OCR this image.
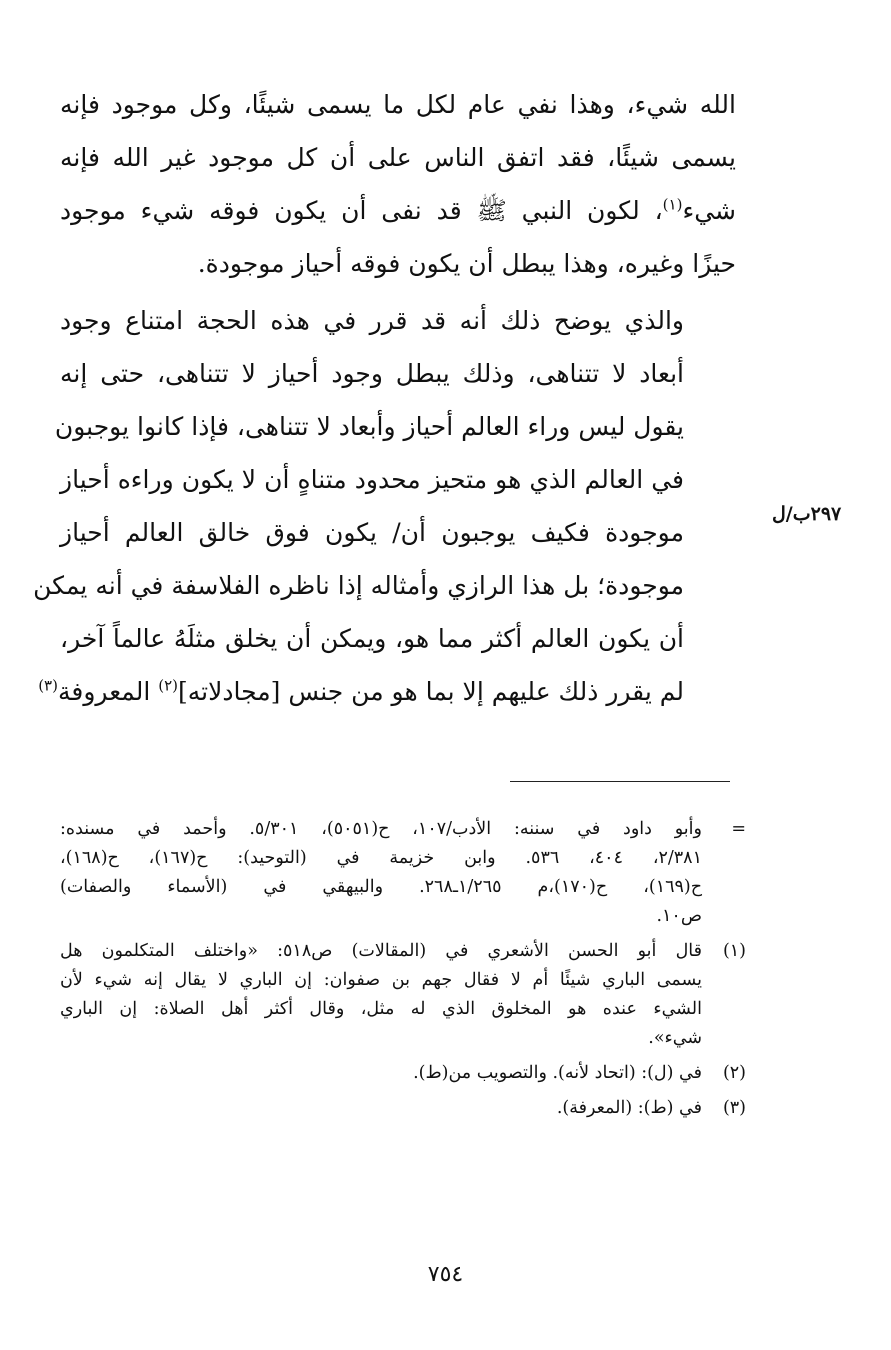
الله شيء، وهذا نفي عام لكل ما يسمى شيئًا، وكل موجود فإنه
يسمى شيئًا، فقد اتفق الناس على أن كل موجود غير الله فإنه
شيء$^{(١)}$، لكون النبي ﷺ قد نفى أن يكون فوقه شيء موجود
حيزًا وغيره، وهذا يبطل أن يكون فوقه أحياز موجودة.

والذي يوضح ذلك أنه قد قرر في هذه الحجة امتناع وجود
أبعاد لا تتناهى، وذلك يبطل وجود أحياز لا تتناهى، حتى إنه
يقول ليس وراء العالم أحياز وأبعاد لا تتناهى، فإذا كانوا يوجبون
في العالم الذي هو متحيز محدود متناهٍ أن لا يكون وراءه أحياز
موجودة فكيف يوجبون أن/ يكون فوق خالق العالم أحياز
موجودة؛ بل هذا الرازي وأمثاله إذا ناظره الفلاسفة في أنه يمكن
أن يكون العالم أكثر مما هو، ويمكن أن يخلق مثلَهُ عالماً آخر،
لم يقرر ذلك عليهم إلا بما هو من جنس [مجادلاته]$^{(٢)}$ المعروفة$^{(٣)}$

٢٩٧ب/ل
=
وأبو داود في سننه: الأدب/١٠٧، ح(٥٠٥١)، ٥/٣٠١. وأحمد في مسنده:
٢/٣٨١، ٤٠٤، ٥٣٦. وابن خزيمة في (التوحيد): ح(١٦٧)، ح(١٦٨)،
ح(١٦٩)، ح(١٧٠)،م ١/٢٦٥ـ٢٦٨. والبيهقي في (الأسماء والصفات)
ص١٠.
(١)
قال أبو الحسن الأشعري في (المقالات) ص٥١٨: «واختلف المتكلمون هل
يسمى الباري شيئًا أم لا فقال جهم بن صفوان: إن الباري لا يقال إنه شيء لأن
الشيء عنده هو المخلوق الذي له مثل، وقال أكثر أهل الصلاة: إن الباري
شيء».
(٢)
في (ل): (اتحاد لأنه). والتصويب من(ط).
(٣)
في (ط): (المعرفة).
٧٥٤
